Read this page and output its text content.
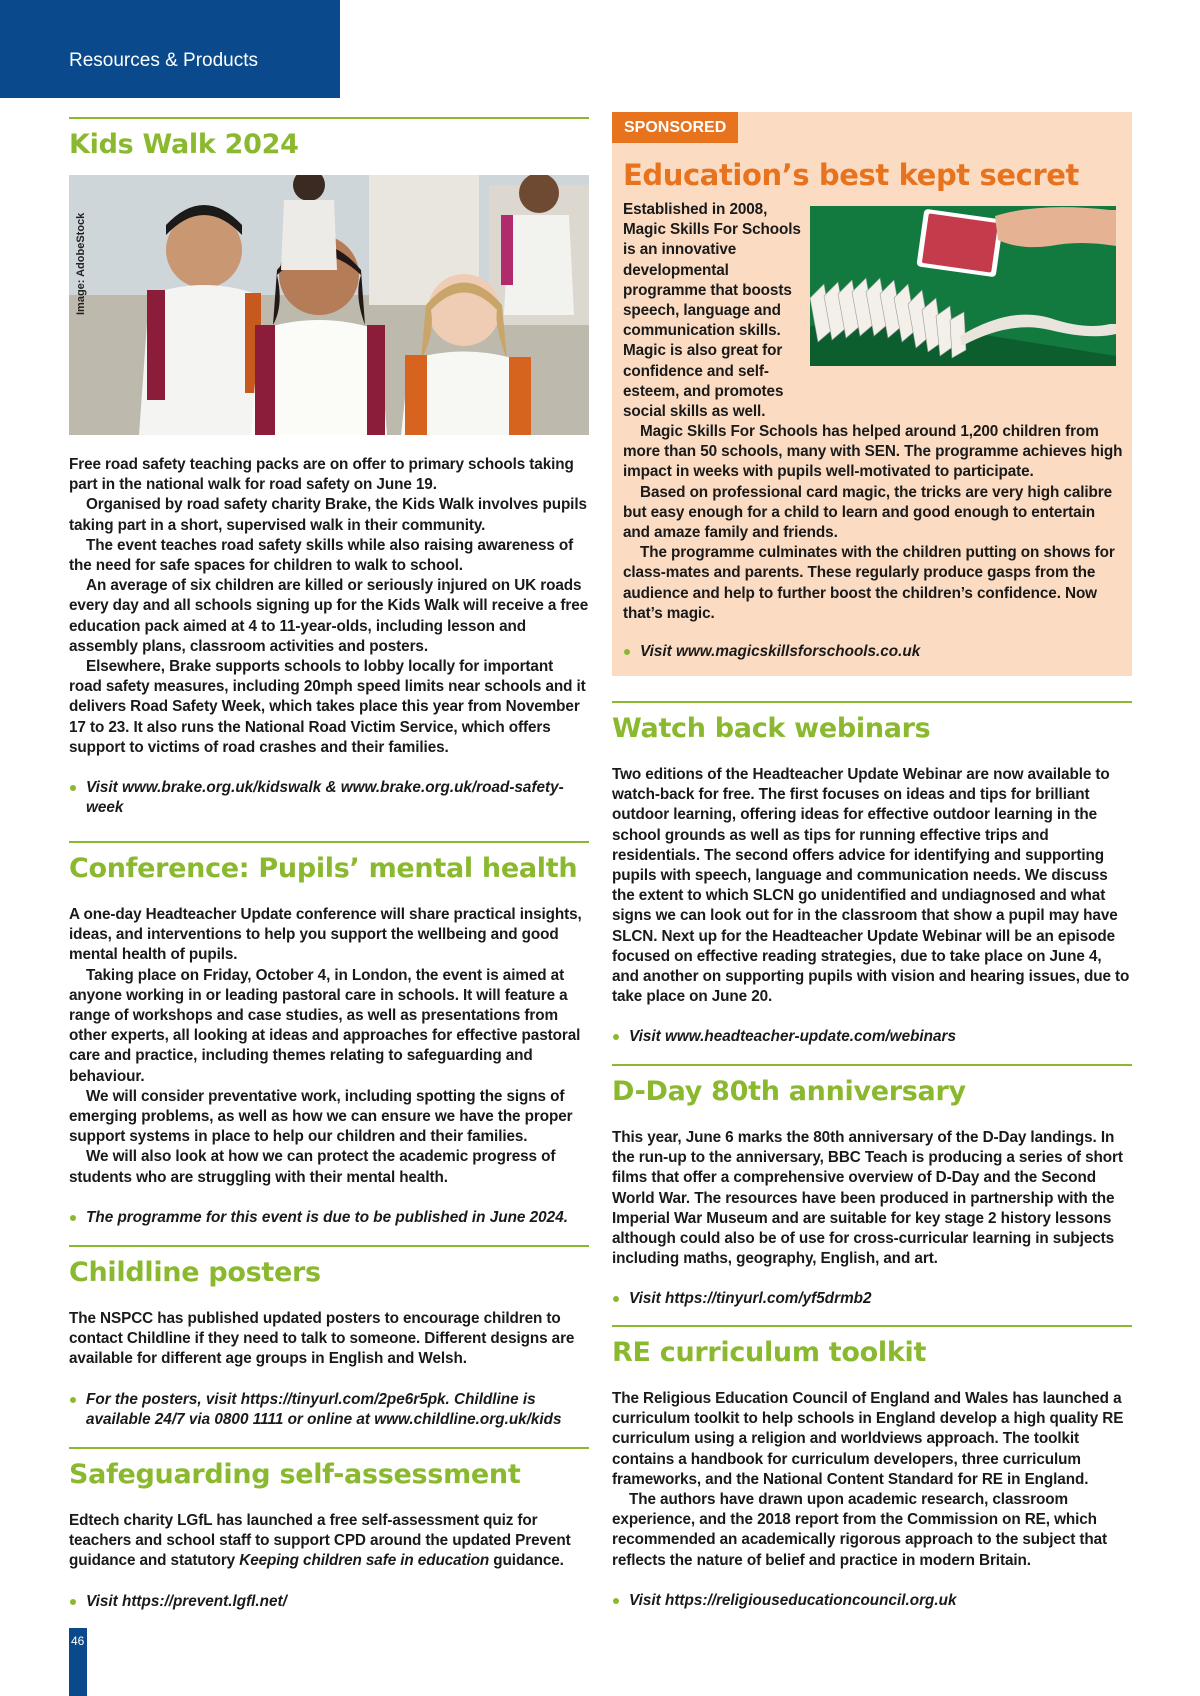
Resources & Products
Kids Walk 2024
Image: AdobeStock

Free road safety teaching packs are on offer to primary schools taking part in the national walk for road safety on June 19.

Organised by road safety charity Brake, the Kids Walk involves pupils taking part in a short, supervised walk in their community.

The event teaches road safety skills while also raising awareness of the need for safe spaces for children to walk to school.

An average of six children are killed or seriously injured on UK roads every day and all schools signing up for the Kids Walk will receive a free education pack aimed at 4 to 11-year-olds, including lesson and assembly plans, classroom activities and posters.

Elsewhere, Brake supports schools to lobby locally for important road safety measures, including 20mph speed limits near schools and it delivers Road Safety Week, which takes place this year from November 17 to 23. It also runs the National Road Victim Service, which offers support to victims of road crashes and their families.

Visit www.brake.org.uk/kidswalk & www.brake.org.uk/road-safety-week
Conference: Pupils’ mental health

A one-day Headteacher Update conference will share practical insights, ideas, and interventions to help you support the wellbeing and good mental health of pupils.

Taking place on Friday, October 4, in London, the event is aimed at anyone working in or leading pastoral care in schools. It will feature a range of workshops and case studies, as well as presentations from other experts, all looking at ideas and approaches for effective pastoral care and practice, including themes relating to safeguarding and behaviour.

We will consider preventative work, including spotting the signs of emerging problems, as well as how we can ensure we have the proper support systems in place to help our children and their families.

We will also look at how we can protect the academic progress of students who are struggling with their mental health.

The programme for this event is due to be published in June 2024.
Childline posters

The NSPCC has published updated posters to encourage children to contact Childline if they need to talk to someone. Different designs are available for different age groups in English and Welsh.

For the posters, visit https://tinyurl.com/2pe6r5pk. Childline is available 24/7 via 0800 1111 or online at www.childline.org.uk/kids
Safeguarding self-assessment

Edtech charity LGfL has launched a free self-assessment quiz for teachers and school staff to support CPD around the updated Prevent guidance and statutory Keeping children safe in education guidance.

Visit https://prevent.lgfl.net/
SPONSORED
Education’s best kept secret
Established in 2008,
Magic Skills For Schools
is an innovative
developmental
programme that boosts
speech, language and
communication skills.
Magic is also great for
confidence and self-
esteem, and promotes
social skills as well.

Magic Skills For Schools has helped around 1,200 children from more than 50 schools, many with SEN. The programme achieves high impact in weeks with pupils well-motivated to participate.

Based on professional card magic, the tricks are very high calibre but easy enough for a child to learn and good enough to entertain and amaze family and friends.

The programme culminates with the children putting on shows for class-mates and parents. These regularly produce gasps from the audience and help to further boost the children’s confidence. Now that’s magic.

Visit www.magicskillsforschools.co.uk
Watch back webinars

Two editions of the Headteacher Update Webinar are now available to watch-back for free. The first focuses on ideas and tips for brilliant outdoor learning, offering ideas for effective outdoor learning in the school grounds as well as tips for running effective trips and residentials. The second offers advice for identifying and supporting pupils with speech, language and communication needs. We discuss the extent to which SLCN go unidentified and undiagnosed and what signs we can look out for in the classroom that show a pupil may have SLCN. Next up for the Headteacher Update Webinar will be an episode focused on effective reading strategies, due to take place on June 4, and another on supporting pupils with vision and hearing issues, due to take place on June 20.

Visit www.headteacher-update.com/webinars
D-Day 80th anniversary

This year, June 6 marks the 80th anniversary of the D-Day landings. In the run-up to the anniversary, BBC Teach is producing a series of short films that offer a comprehensive overview of D-Day and the Second World War. The resources have been produced in partnership with the Imperial War Museum and are suitable for key stage 2 history lessons although could also be of use for cross-curricular learning in subjects including maths, geography, English, and art.

Visit https://tinyurl.com/yf5drmb2
RE curriculum toolkit

The Religious Education Council of England and Wales has launched a curriculum toolkit to help schools in England develop a high quality RE curriculum using a religion and worldviews approach. The toolkit contains a handbook for curriculum developers, three curriculum frameworks, and the National Content Standard for RE in England.

The authors have drawn upon academic research, classroom experience, and the 2018 report from the Commission on RE, which recommended an academically rigorous approach to the subject that reflects the nature of belief and practice in modern Britain.

Visit https://religiouseducationcouncil.org.uk
46
